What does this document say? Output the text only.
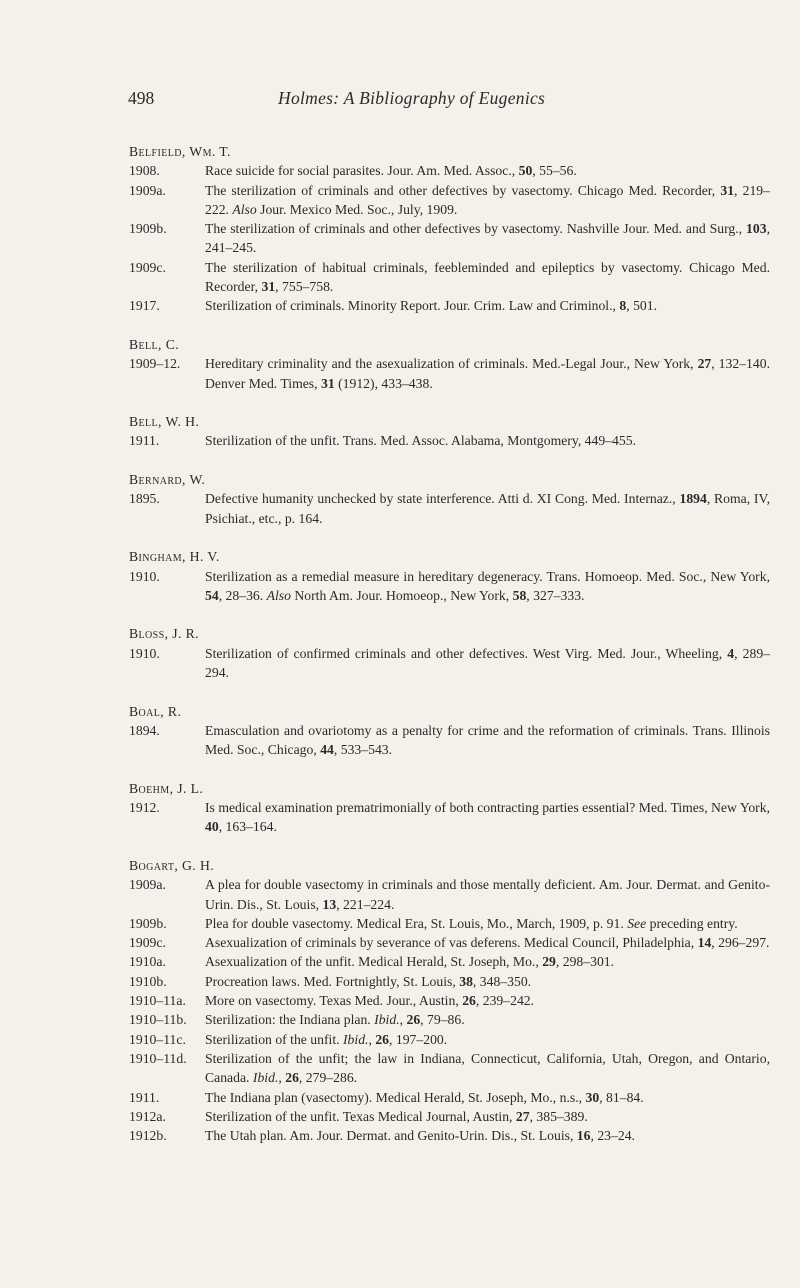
498	Holmes: A Bibliography of Eugenics
Belfield, Wm. T.
1908.	Race suicide for social parasites. Jour. Am. Med. Assoc., 50, 55–56.
1909a.	The sterilization of criminals and other defectives by vasectomy. Chicago Med. Recorder, 31, 219–222. Also Jour. Mexico Med. Soc., July, 1909.
1909b.	The sterilization of criminals and other defectives by vasectomy. Nashville Jour. Med. and Surg., 103, 241–245.
1909c.	The sterilization of habitual criminals, feebleminded and epileptics by vasectomy. Chicago Med. Recorder, 31, 755–758.
1917.	Sterilization of criminals. Minority Report. Jour. Crim. Law and Criminol., 8, 501.
Bell, C.
1909–12. Hereditary criminality and the asexualization of criminals. Med.-Legal Jour., New York, 27, 132–140. Denver Med. Times, 31 (1912), 433–438.
Bell, W. H.
1911.	Sterilization of the unfit. Trans. Med. Assoc. Alabama, Montgomery, 449–455.
Bernard, W.
1895.	Defective humanity unchecked by state interference. Atti d. XI Cong. Med. Internaz., 1894, Roma, IV, Psichiat., etc., p. 164.
Bingham, H. V.
1910.	Sterilization as a remedial measure in hereditary degeneracy. Trans. Homoeop. Med. Soc., New York, 54, 28–36. Also North Am. Jour. Homoeop., New York, 58, 327–333.
Bloss, J. R.
1910.	Sterilization of confirmed criminals and other defectives. West Virg. Med. Jour., Wheeling, 4, 289–294.
Boal, R.
1894.	Emasculation and ovariotomy as a penalty for crime and the reformation of criminals. Trans. Illinois Med. Soc., Chicago, 44, 533–543.
Boehm, J. L.
1912.	Is medical examination prematrimonially of both contracting parties essential? Med. Times, New York, 40, 163–164.
Bogart, G. H.
1909a.	A plea for double vasectomy in criminals and those mentally deficient. Am. Jour. Dermat. and Genito-Urin. Dis., St. Louis, 13, 221–224.
1909b.	Plea for double vasectomy. Medical Era, St. Louis, Mo., March, 1909, p. 91. See preceding entry.
1909c.	Asexualization of criminals by severance of vas deferens. Medical Council, Philadelphia, 14, 296–297.
1910a.	Asexualization of the unfit. Medical Herald, St. Joseph, Mo., 29, 298–301.
1910b.	Procreation laws. Med. Fortnightly, St. Louis, 38, 348–350.
1910–11a. More on vasectomy. Texas Med. Jour., Austin, 26, 239–242.
1910–11b. Sterilization: the Indiana plan. Ibid., 26, 79–86.
1910–11c. Sterilization of the unfit. Ibid., 26, 197–200.
1910–11d. Sterilization of the unfit; the law in Indiana, Connecticut, California, Utah, Oregon, and Ontario, Canada. Ibid., 26, 279–286.
1911.	The Indiana plan (vasectomy). Medical Herald, St. Joseph, Mo., n.s., 30, 81–84.
1912a.	Sterilization of the unfit. Texas Medical Journal, Austin, 27, 385–389.
1912b.	The Utah plan. Am. Jour. Dermat. and Genito-Urin. Dis., St. Louis, 16, 23–24.
